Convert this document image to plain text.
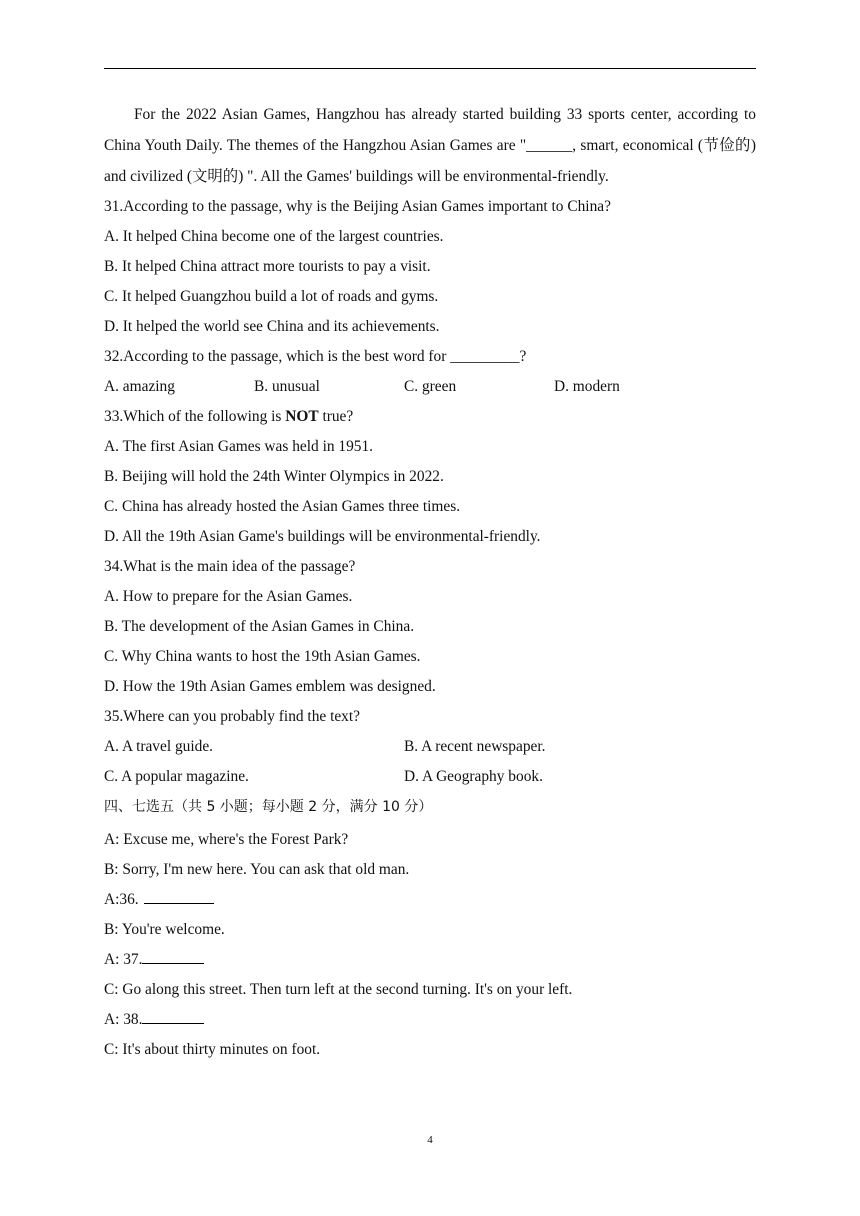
For the 2022 Asian Games, Hangzhou has already started building 33 sports center, according to China Youth Daily. The themes of the Hangzhou Asian Games are "______, smart, economical (节俭的) and civilized (文明的) ". All the Games' buildings will be environmental-friendly.

31.According to the passage, why is the Beijing Asian Games important to China?
A. It helped China become one of the largest countries.
B. It helped China attract more tourists to pay a visit.
C. It helped Guangzhou build a lot of roads and gyms.
D. It helped the world see China and its achievements.
32.According to the passage, which is the best word for _________?
A. amazing	B. unusual	C. green	D. modern
33.Which of the following is NOT true?
A. The first Asian Games was held in 1951.
B. Beijing will hold the 24th Winter Olympics in 2022.
C. China has already hosted the Asian Games three times.
D. All the 19th Asian Game's buildings will be environmental-friendly.
34.What is the main idea of the passage?
A. How to prepare for the Asian Games.
B. The development of the Asian Games in China.
C. Why China wants to host the 19th Asian Games.
D. How the 19th Asian Games emblem was designed.
35.Where can you probably find the text?
A. A travel guide.	B. A recent newspaper.
C. A popular magazine.	D. A Geography book.
四、七选五（共 5 小题；每小题 2 分，满分 10 分）
A: Excuse me, where's the Forest Park?
B: Sorry, I'm new here. You can ask that old man.
A:36.
B: You're welcome.
A: 37.
C: Go along this street. Then turn left at the second turning. It's on your left.
A: 38.
C: It's about thirty minutes on foot.
4
